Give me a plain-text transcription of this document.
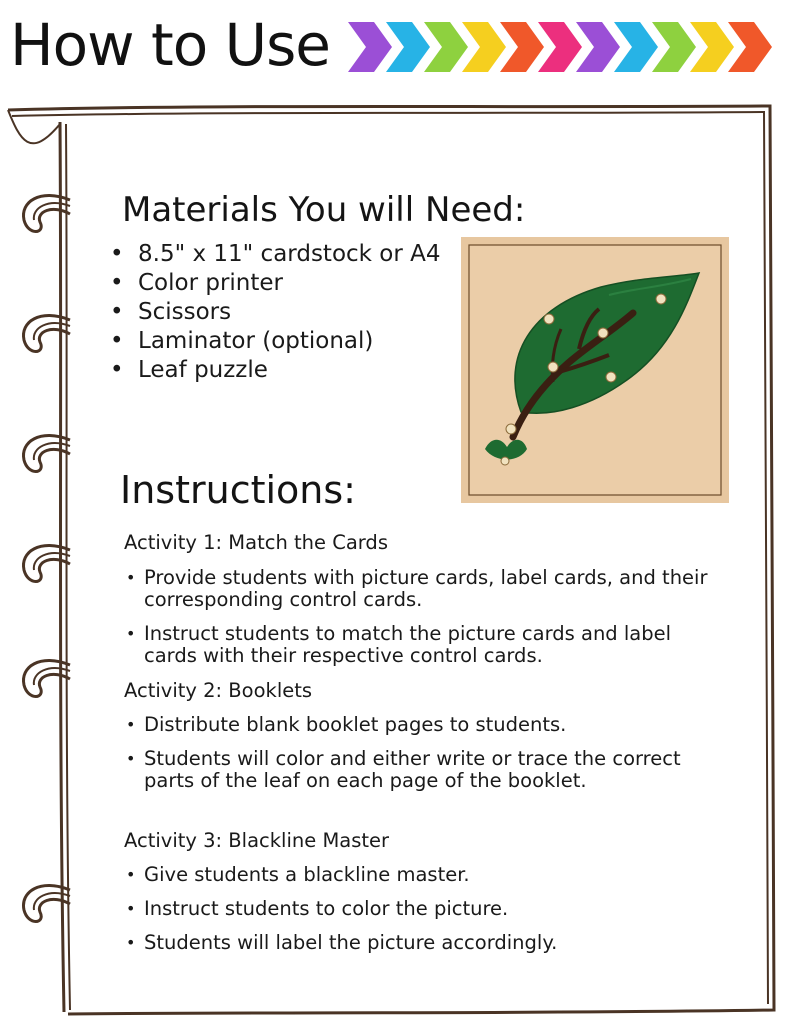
How to Use
Materials You will Need:
• 8.5" x 11" cardstock or A4
• Color printer
• Scissors
• Laminator (optional)
• Leaf puzzle
Instructions:
Activity 1: Match the Cards
• Provide students with picture cards, label cards, and their corresponding control cards.
• Instruct students to match the picture cards and label cards with their respective control cards.
Activity 2: Booklets
• Distribute blank booklet pages to students.
• Students will color and either write or trace the correct parts of the leaf on each page of the booklet.
Activity 3: Blackline Master
• Give students a blackline master.
• Instruct students to color the picture.
• Students will label the picture accordingly.
